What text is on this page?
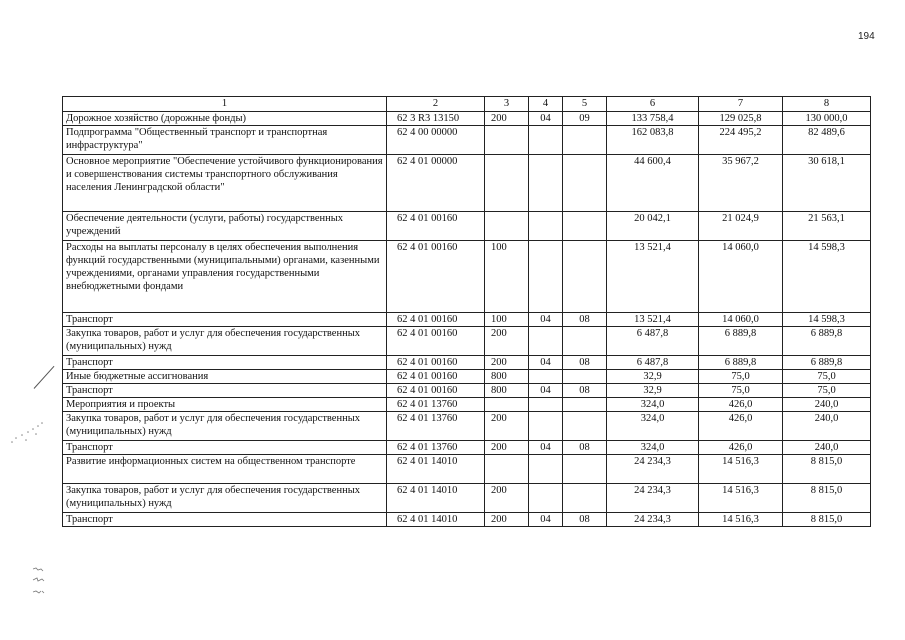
194
1	2	3	4	5	6	7	8
Дорожное хозяйство (дорожные фонды)	62 3 R3 13150	200	04	09	133 758,4	129 025,8	130 000,0
Подпрограмма "Общественный транспорт и транспортная инфраструктура"	62 4 00 00000				162 083,8	224 495,2	82 489,6
Основное мероприятие "Обеспечение устойчивого функционирования и совершенствования системы транспортного обслуживания населения Ленинградской области"	62 4 01 00000				44 600,4	35 967,2	30 618,1
Обеспечение деятельности (услуги, работы) государственных учреждений	62 4 01 00160				20 042,1	21 024,9	21 563,1
Расходы на выплаты персоналу в целях обеспечения выполнения функций государственными (муниципальными) органами, казенными учреждениями, органами управления государственными внебюджетными фондами	62 4 01 00160	100			13 521,4	14 060,0	14 598,3
Транспорт	62 4 01 00160	100	04	08	13 521,4	14 060,0	14 598,3
Закупка товаров, работ и услуг для обеспечения государственных (муниципальных) нужд	62 4 01 00160	200			6 487,8	6 889,8	6 889,8
Транспорт	62 4 01 00160	200	04	08	6 487,8	6 889,8	6 889,8
Иные бюджетные ассигнования	62 4 01 00160	800			32,9	75,0	75,0
Транспорт	62 4 01 00160	800	04	08	32,9	75,0	75,0
Мероприятия и проекты	62 4 01 13760				324,0	426,0	240,0
Закупка товаров, работ и услуг для обеспечения государственных (муниципальных) нужд	62 4 01 13760	200			324,0	426,0	240,0
Транспорт	62 4 01 13760	200	04	08	324,0	426,0	240,0
Развитие информационных систем на общественном транспорте	62 4 01 14010				24 234,3	14 516,3	8 815,0
Закупка товаров, работ и услуг для обеспечения государственных (муниципальных) нужд	62 4 01 14010	200			24 234,3	14 516,3	8 815,0
Транспорт	62 4 01 14010	200	04	08	24 234,3	14 516,3	8 815,0
